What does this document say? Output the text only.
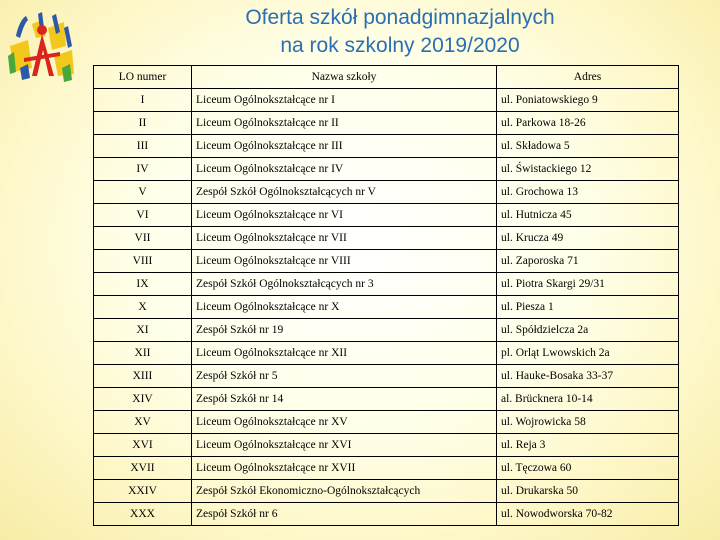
Oferta szkół ponadgimnazjalnych
na rok szkolny 2019/2020
LO numer	Nazwa szkoły	Adres
I	Liceum Ogólnokształcące nr I	ul. Poniatowskiego 9
II	Liceum Ogólnokształcące nr II	ul. Parkowa 18-26
III	Liceum Ogólnokształcące nr III	ul. Składowa 5
IV	Liceum Ogólnokształcące nr IV	ul. Świstackiego 12
V	Zespół Szkół Ogólnokształcących nr V	ul. Grochowa 13
VI	Liceum Ogólnokształcące nr VI	ul. Hutnicza 45
VII	Liceum Ogólnokształcące nr VII	ul. Krucza 49
VIII	Liceum Ogólnokształcące nr VIII	ul. Zaporoska 71
IX	Zespół Szkół Ogólnokształcących nr 3	ul. Piotra Skargi 29/31
X	Liceum Ogólnokształcące nr X	ul. Piesza 1
XI	Zespół Szkół nr 19	ul. Spółdzielcza 2a
XII	Liceum Ogólnokształcące nr XII	pl. Orląt Lwowskich 2a
XIII	Zespół Szkół nr 5	ul. Hauke-Bosaka 33-37
XIV	Zespół Szkół nr 14	al. Brücknera 10-14
XV	Liceum Ogólnokształcące nr XV	ul. Wojrowicka 58
XVI	Liceum Ogólnokształcące nr XVI	ul. Reja 3
XVII	Liceum Ogólnokształcące nr XVII	ul. Tęczowa 60
XXIV	Zespół Szkół Ekonomiczno-Ogólnokształcących	ul. Drukarska 50
XXX	Zespół Szkół nr 6	ul. Nowodworska 70-82
